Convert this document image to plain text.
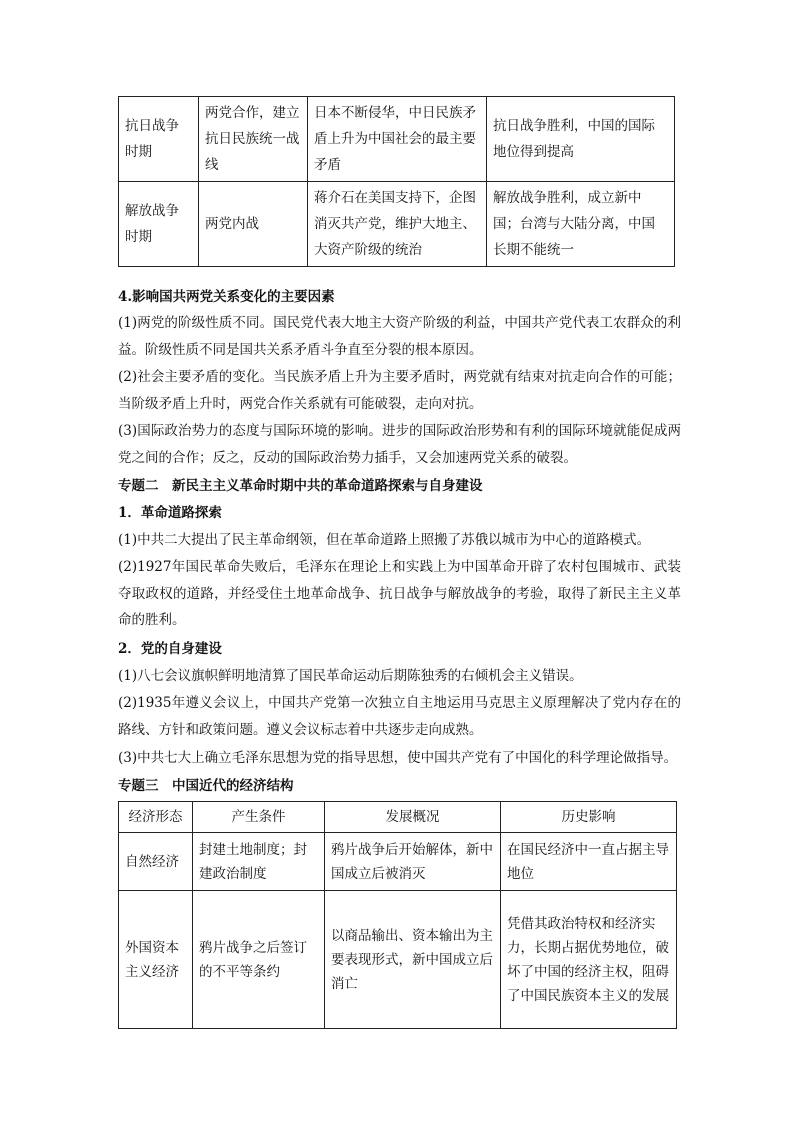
抗日战争时期	两党合作，建立抗日民族统一战线	日本不断侵华，中日民族矛盾上升为中国社会的最主要矛盾	抗日战争胜利，中国的国际地位得到提高
解放战争时期	两党内战	蒋介石在美国支持下，企图消灭共产党，维护大地主、大资产阶级的统治	解放战争胜利，成立新中国；台湾与大陆分离，中国长期不能统一
4.影响国共两党关系变化的主要因素
(1)两党的阶级性质不同。国民党代表大地主大资产阶级的利益，中国共产党代表工农群众的利益。阶级性质不同是国共关系矛盾斗争直至分裂的根本原因。
(2)社会主要矛盾的变化。当民族矛盾上升为主要矛盾时，两党就有结束对抗走向合作的可能；当阶级矛盾上升时，两党合作关系就有可能破裂，走向对抗。
(3)国际政治势力的态度与国际环境的影响。进步的国际政治形势和有利的国际环境就能促成两党之间的合作；反之，反动的国际政治势力插手，又会加速两党关系的破裂。
专题二　新民主主义革命时期中共的革命道路探索与自身建设
1．革命道路探索
(1)中共二大提出了民主革命纲领，但在革命道路上照搬了苏俄以城市为中心的道路模式。
(2)1927年国民革命失败后，毛泽东在理论上和实践上为中国革命开辟了农村包围城市、武装夺取政权的道路，并经受住土地革命战争、抗日战争与解放战争的考验，取得了新民主主义革命的胜利。
2．党的自身建设
(1)八七会议旗帜鲜明地清算了国民革命运动后期陈独秀的右倾机会主义错误。
(2)1935年遵义会议上，中国共产党第一次独立自主地运用马克思主义原理解决了党内存在的路线、方针和政策问题。遵义会议标志着中共逐步走向成熟。
(3)中共七大上确立毛泽东思想为党的指导思想，使中国共产党有了中国化的科学理论做指导。
专题三　中国近代的经济结构
经济形态	产生条件	发展概况	历史影响
自然经济	封建土地制度；封建政治制度	鸦片战争后开始解体，新中国成立后被消灭	在国民经济中一直占据主导地位
外国资本主义经济	鸦片战争之后签订的不平等条约	以商品输出、资本输出为主要表现形式，新中国成立后消亡	凭借其政治特权和经济实力，长期占据优势地位，破坏了中国的经济主权，阻碍了中国民族资本主义的发展
